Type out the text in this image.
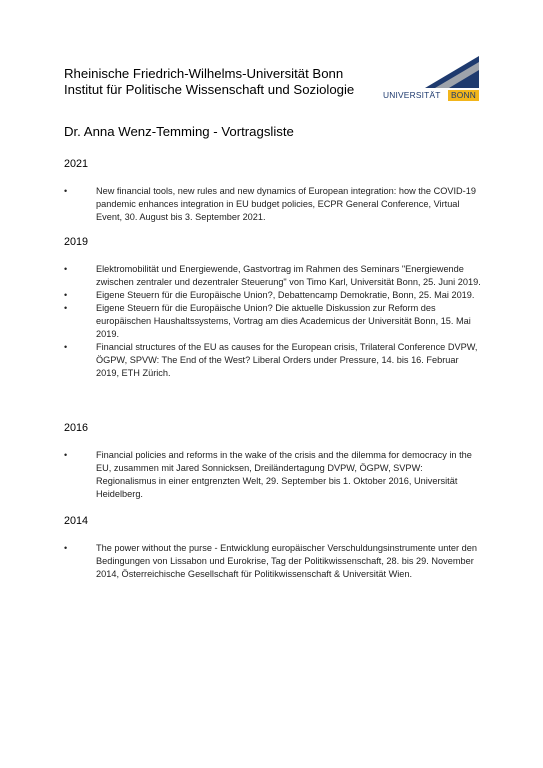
Rheinische Friedrich-Wilhelms-Universität Bonn
Institut für Politische Wissenschaft und Soziologie	UNIVERSITÄT	BONN
Dr. Anna Wenz-Temming - Vortragsliste
2021
• New financial tools, new rules and new dynamics of European integration: how the COVID-19 pandemic enhances integration in EU budget policies, ECPR General Conference, Virtual Event, 30. August bis 3. September 2021.
2019
• Elektromobilität und Energiewende, Gastvortrag im Rahmen des Seminars "Energiewende zwischen zentraler und dezentraler Steuerung" von Timo Karl, Universität Bonn, 25. Juni 2019.
• Eigene Steuern für die Europäische Union?, Debattencamp Demokratie, Bonn, 25. Mai 2019.
• Eigene Steuern für die Europäische Union? Die aktuelle Diskussion zur Reform des europäischen Haushaltssystems, Vortrag am dies Academicus der Universität Bonn, 15. Mai 2019.
• Financial structures of the EU as causes for the European crisis, Trilateral Conference DVPW, ÖGPW, SPVW: The End of the West? Liberal Orders under Pressure, 14. bis 16. Februar 2019, ETH Zürich.
2016
• Financial policies and reforms in the wake of the crisis and the dilemma for democracy in the EU, zusammen mit Jared Sonnicksen, Dreiländertagung DVPW, ÖGPW, SVPW: Regionalismus in einer entgrenzten Welt, 29. September bis 1. Oktober 2016, Universität Heidelberg.
2014
• The power without the purse - Entwicklung europäischer Verschuldungsinstrumente unter den Bedingungen von Lissabon und Eurokrise, Tag der Politikwissenschaft, 28. bis 29. November 2014, Österreichische Gesellschaft für Politikwissenschaft & Universität Wien.
